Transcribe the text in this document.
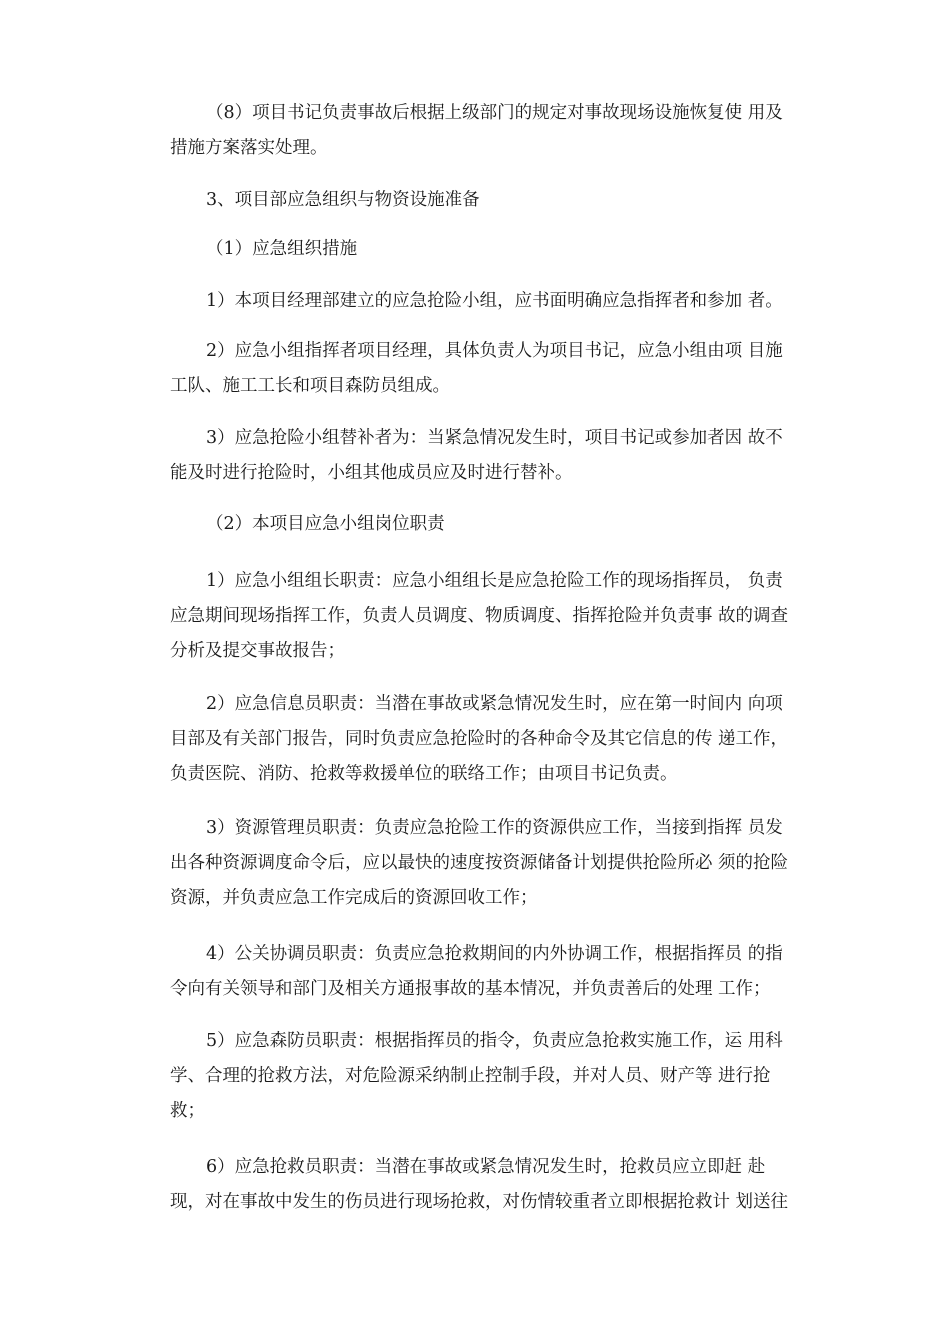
（8）项目书记负责事故后根据上级部门的规定对事故现场设施恢复使 用及
措施方案落实处理。

3、项目部应急组织与物资设施准备

（1）应急组织措施

1）本项目经理部建立的应急抢险小组，应书面明确应急指挥者和参加 者。

2）应急小组指挥者项目经理，具体负责人为项目书记，应急小组由项 目施
工队、施工工长和项目森防员组成。

3）应急抢险小组替补者为：当紧急情况发生时，项目书记或参加者因 故不
能及时进行抢险时，小组其他成员应及时进行替补。

（2）本项目应急小组岗位职责

1）应急小组组长职责：应急小组组长是应急抢险工作的现场指挥员， 负责
应急期间现场指挥工作，负责人员调度、物质调度、指挥抢险并负责事 故的调查
分析及提交事故报告；

2）应急信息员职责：当潜在事故或紧急情况发生时，应在第一时间内 向项
目部及有关部门报告，同时负责应急抢险时的各种命令及其它信息的传 递工作，
负责医院、消防、抢救等救援单位的联络工作；由项目书记负责。

3）资源管理员职责：负责应急抢险工作的资源供应工作，当接到指挥 员发
出各种资源调度命令后，应以最快的速度按资源储备计划提供抢险所必 须的抢险
资源，并负责应急工作完成后的资源回收工作；

4）公关协调员职责：负责应急抢救期间的内外协调工作，根据指挥员 的指
令向有关领导和部门及相关方通报事故的基本情况，并负责善后的处理 工作；

5）应急森防员职责：根据指挥员的指令，负责应急抢救实施工作，运 用科
学、合理的抢救方法，对危险源采纳制止控制手段，并对人员、财产等 进行抢
救；

6）应急抢救员职责：当潜在事故或紧急情况发生时，抢救员应立即赶 赴
现，对在事故中发生的伤员进行现场抢救，对伤情较重者立即根据抢救计 划送往
